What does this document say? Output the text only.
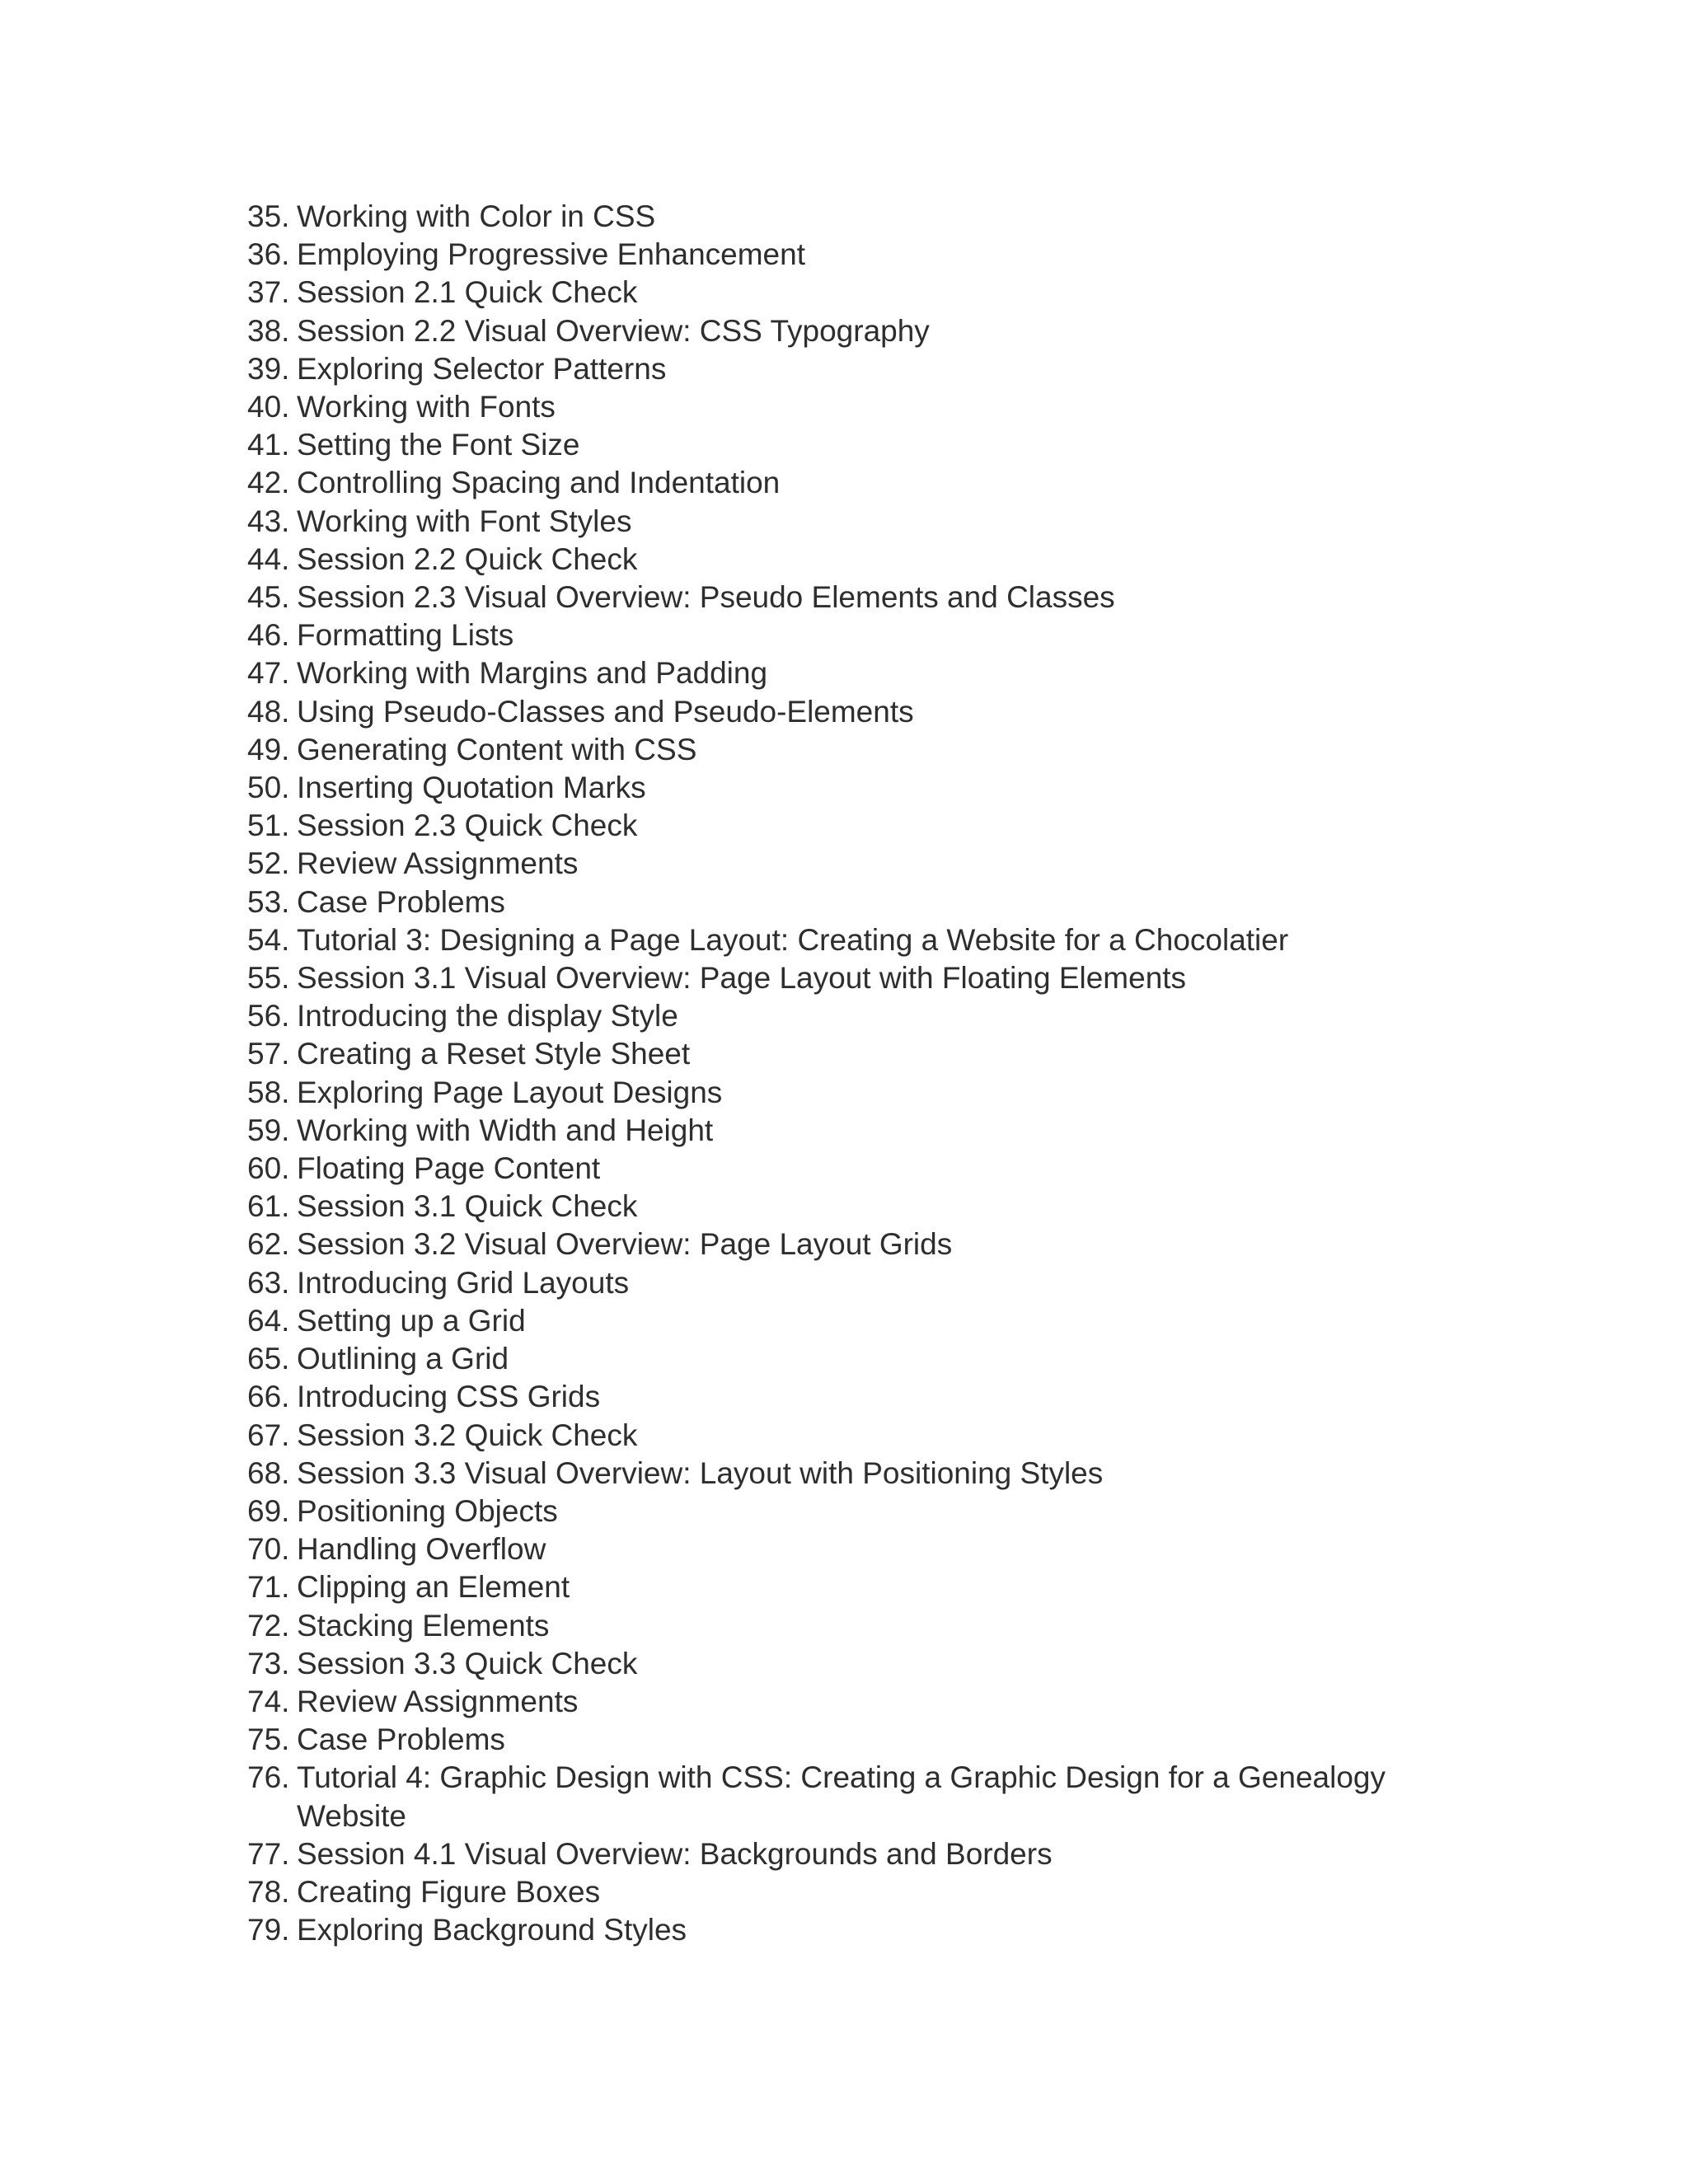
35. Working with Color in CSS
36. Employing Progressive Enhancement
37. Session 2.1 Quick Check
38. Session 2.2 Visual Overview: CSS Typography
39. Exploring Selector Patterns
40. Working with Fonts
41. Setting the Font Size
42. Controlling Spacing and Indentation
43. Working with Font Styles
44. Session 2.2 Quick Check
45. Session 2.3 Visual Overview: Pseudo Elements and Classes
46. Formatting Lists
47. Working with Margins and Padding
48. Using Pseudo-Classes and Pseudo-Elements
49. Generating Content with CSS
50. Inserting Quotation Marks
51. Session 2.3 Quick Check
52. Review Assignments
53. Case Problems
54. Tutorial 3: Designing a Page Layout: Creating a Website for a Chocolatier
55. Session 3.1 Visual Overview: Page Layout with Floating Elements
56. Introducing the display Style
57. Creating a Reset Style Sheet
58. Exploring Page Layout Designs
59. Working with Width and Height
60. Floating Page Content
61. Session 3.1 Quick Check
62. Session 3.2 Visual Overview: Page Layout Grids
63. Introducing Grid Layouts
64. Setting up a Grid
65. Outlining a Grid
66. Introducing CSS Grids
67. Session 3.2 Quick Check
68. Session 3.3 Visual Overview: Layout with Positioning Styles
69. Positioning Objects
70. Handling Overflow
71. Clipping an Element
72. Stacking Elements
73. Session 3.3 Quick Check
74. Review Assignments
75. Case Problems
76. Tutorial 4: Graphic Design with CSS: Creating a Graphic Design for a Genealogy Website
77. Session 4.1 Visual Overview: Backgrounds and Borders
78. Creating Figure Boxes
79. Exploring Background Styles
